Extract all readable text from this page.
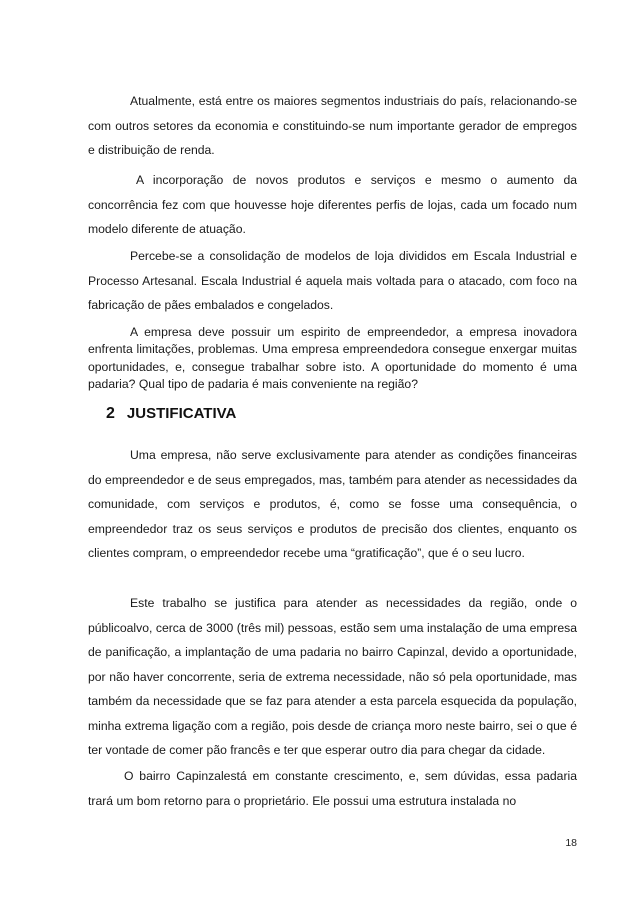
Atualmente, está entre os maiores segmentos industriais do país, relacionando-se com outros setores da economia e constituindo-se num importante gerador de empregos e distribuição de renda.

A incorporação de novos produtos e serviços e mesmo o aumento da concorrência fez com que houvesse hoje diferentes perfis de lojas, cada um focado num modelo diferente de atuação.

Percebe-se a consolidação de modelos de loja divididos em Escala Industrial e Processo Artesanal. Escala Industrial é aquela mais voltada para o atacado, com foco na fabricação de pães embalados e congelados.

A empresa deve possuir um espirito de empreendedor, a empresa inovadora enfrenta limitações, problemas. Uma empresa empreendedora consegue enxergar muitas oportunidades, e, consegue trabalhar sobre isto. A oportunidade do momento é uma padaria? Qual tipo de padaria é mais conveniente na região?

2 JUSTIFICATIVA

Uma empresa, não serve exclusivamente para atender as condições financeiras do empreendedor e de seus empregados, mas, também para atender as necessidades da comunidade, com serviços e produtos, é, como se fosse uma consequência, o empreendedor traz os seus serviços e produtos de precisão dos clientes, enquanto os clientes compram, o empreendedor recebe uma “gratificação”, que é o seu lucro.

Este trabalho se justifica para atender as necessidades da região, onde o públicoalvo, cerca de 3000 (três mil) pessoas, estão sem uma instalação de uma empresa de panificação, a implantação de uma padaria no bairro Capinzal, devido a oportunidade, por não haver concorrente, seria de extrema necessidade, não só pela oportunidade, mas também da necessidade que se faz para atender a esta parcela esquecida da população, minha extrema ligação com a região, pois desde de criança moro neste bairro, sei o que é ter vontade de comer pão francês e ter que esperar outro dia para chegar da cidade.

O bairro Capinzalestá em constante crescimento, e, sem dúvidas, essa padaria trará um bom retorno para o proprietário. Ele possui uma estrutura instalada no

18
